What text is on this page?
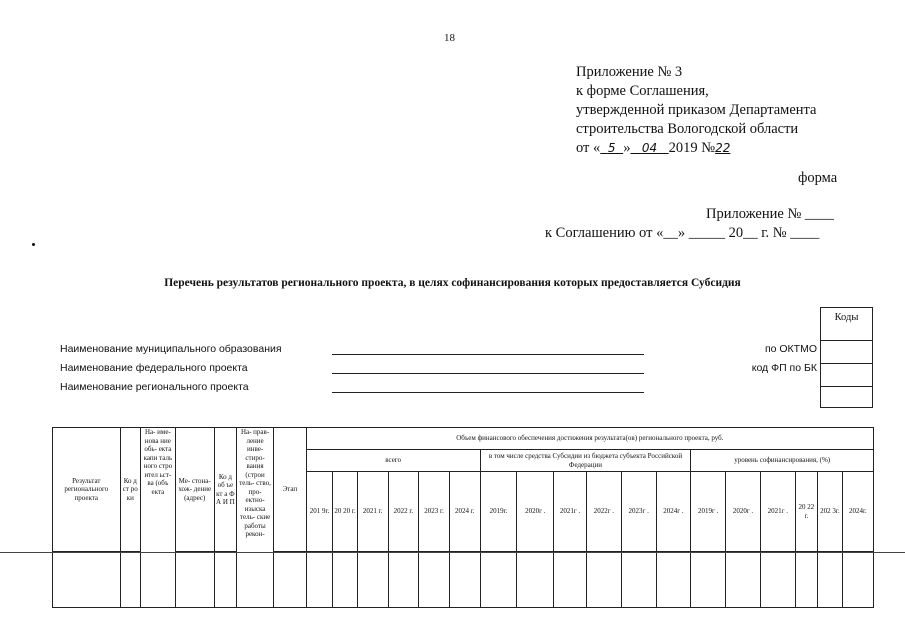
18
Приложение № 3
к форме Соглашения,
утвержденной приказом Департамента
строительства Вологодской области
от « 5 » 04 2019 №22
форма
Приложение № ____
к Соглашению от «__» _____ 20__ г. № ____
Перечень результатов регионального проекта, в целях софинансирования которых предоставляется Субсидия
Коды
Наименование муниципального образования	по ОКТМО
Наименование федерального проекта	код ФП по БК
Наименование регионального проекта
Результат регионального проекта	Ко д ст ро ки	На- име- нова ние обь- екта капи таль ного стро ител ьст- ва (объ екта	Ме- стона- хож- дение (адрес)	Ко д об ъе кт а Ф А И П	На- прав- ление инве- стиро- вания (строи тель- ство, про- ектно- изыска тель- ские работы рекон-	Этап	Объем финансового обеспечения достижения результата(ов) регионального проекта, руб.																	
							всего						в том числе средства Субсидии из бюджета субъекта Российской Федерации						уровень софинансирования, (%)					
							201 9г.	20 20 г.	2021 г.	2022 г.	2023 г.	2024 г.	2019г.	2020г .	2021г .	2022г .	2023г .	2024г .	2019г .	2020г .	2021г .	20 22 г.	202 3г.	2024г.
